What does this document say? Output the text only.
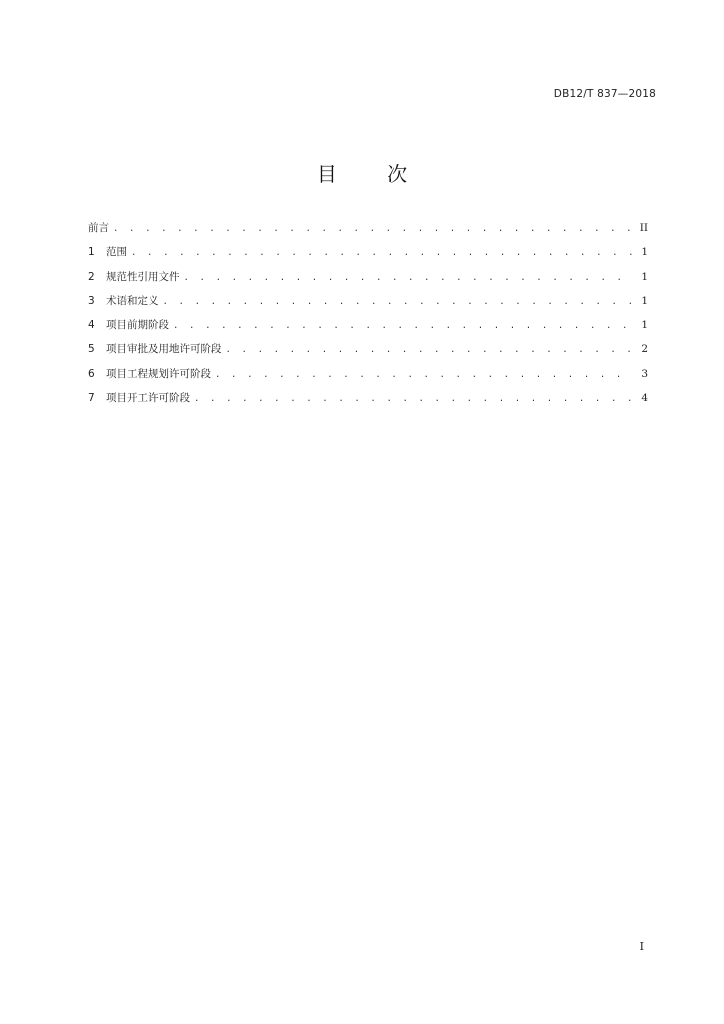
DB12/T 837—2018
目 次
前言 . . .	II
1	范围 . . .	1
2	规范性引用文件 . . .	1
3	术语和定义 . . .	1
4	项目前期阶段 . . .	1
5	项目审批及用地许可阶段 . . .	2
6	项目工程规划许可阶段 . . .	3
7	项目开工许可阶段 . . .	4
I
